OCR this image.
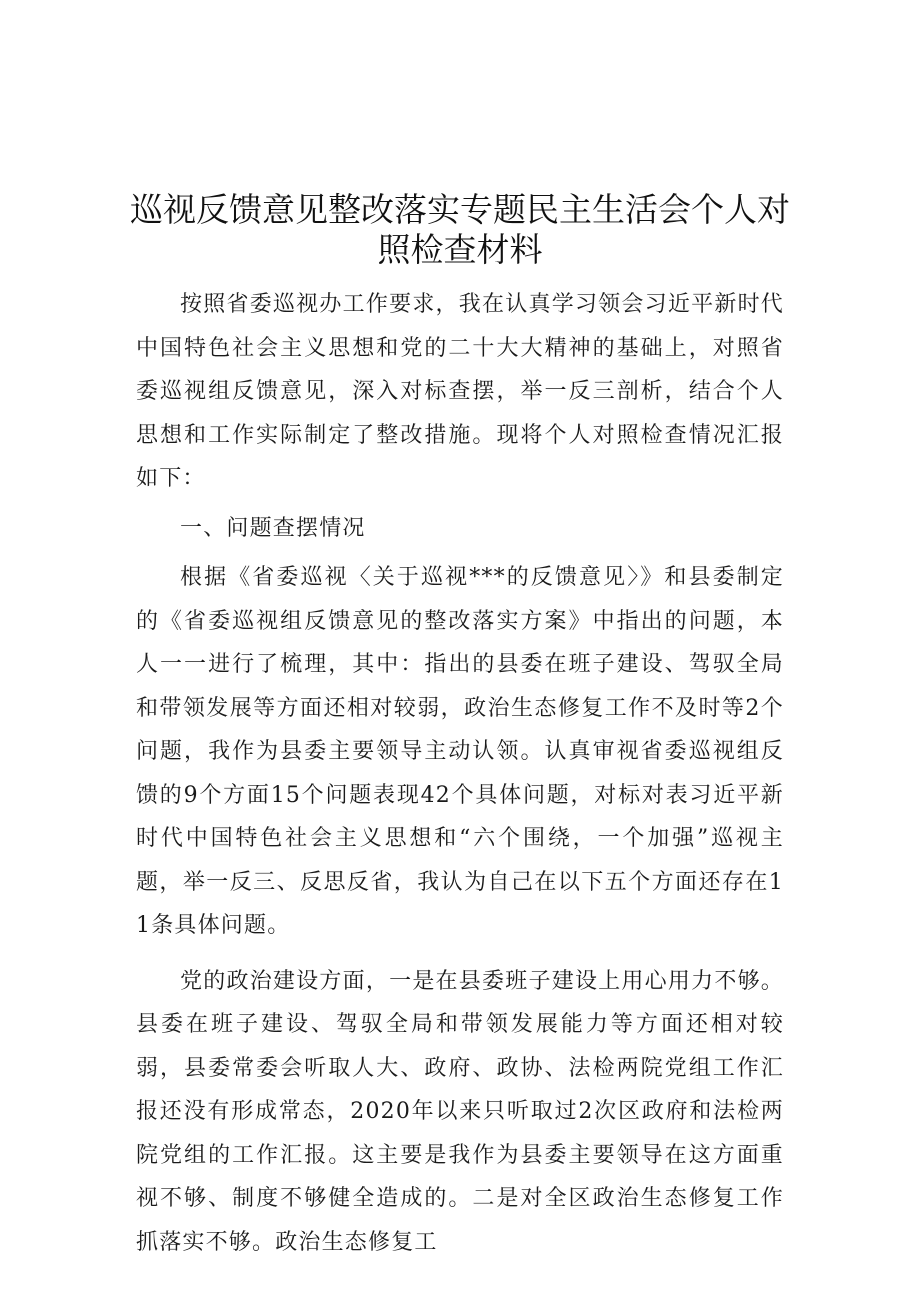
巡视反馈意见整改落实专题民主生活会个人对
照检查材料

按照省委巡视办工作要求，我在认真学习领会习近平新时代中国特色社会主义思想和党的二十大大精神的基础上，对照省委巡视组反馈意见，深入对标查摆，举一反三剖析，结合个人思想和工作实际制定了整改措施。现将个人对照检查情况汇报如下：

一、问题查摆情况

根据《省委巡视〈关于巡视***的反馈意见〉》和县委制定的《省委巡视组反馈意见的整改落实方案》中指出的问题，本人一一进行了梳理，其中：指出的县委在班子建设、驾驭全局和带领发展等方面还相对较弱，政治生态修复工作不及时等2个问题，我作为县委主要领导主动认领。认真审视省委巡视组反馈的9个方面15个问题表现42个具体问题，对标对表习近平新时代中国特色社会主义思想和“六个围绕，一个加强”巡视主题，举一反三、反思反省，我认为自己在以下五个方面还存在11条具体问题。

党的政治建设方面，一是在县委班子建设上用心用力不够。县委在班子建设、驾驭全局和带领发展能力等方面还相对较弱，县委常委会听取人大、政府、政协、法检两院党组工作汇报还没有形成常态，2020年以来只听取过2次区政府和法检两院党组的工作汇报。这主要是我作为县委主要领导在这方面重视不够、制度不够健全造成的。二是对全区政治生态修复工作抓落实不够。政治生态修复工
